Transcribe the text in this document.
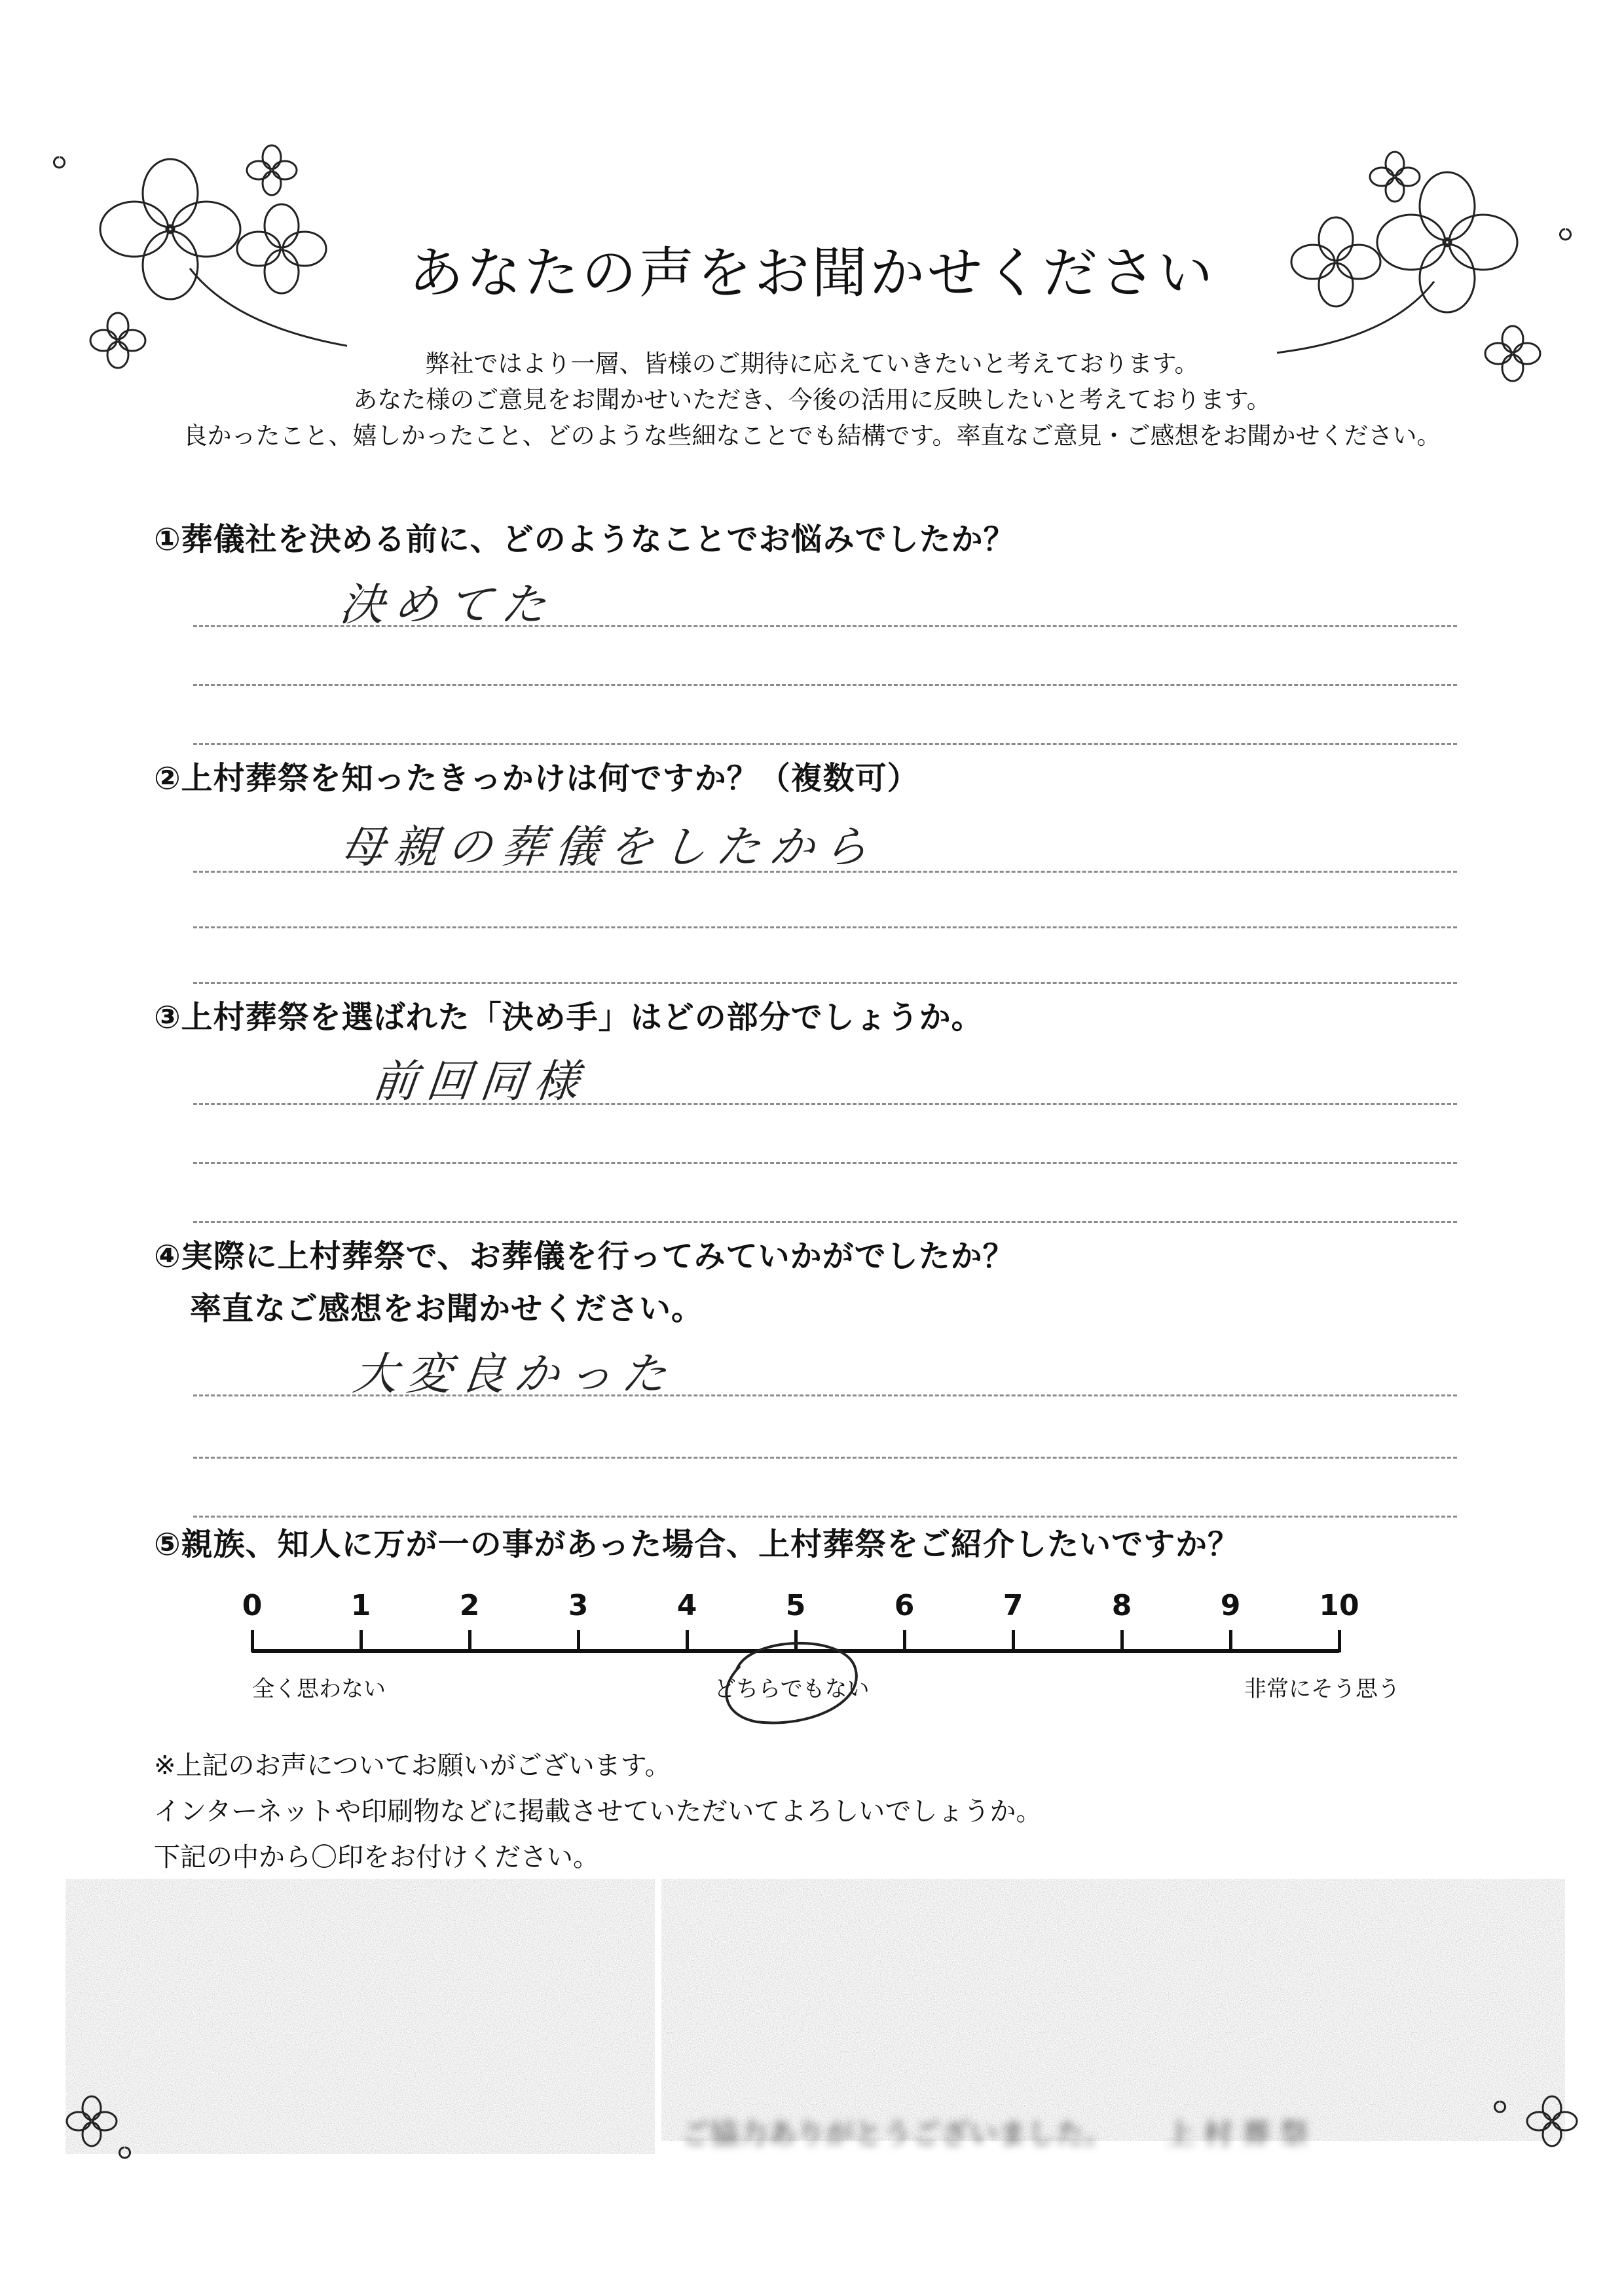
あなたの声をお聞かせください
弊社ではより一層、皆様のご期待に応えていきたいと考えております。
あなた様のご意見をお聞かせいただき、今後の活用に反映したいと考えております。
良かったこと、嬉しかったこと、どのような些細なことでも結構です。率直なご意見・ご感想をお聞かせください。
①葬儀社を決める前に、どのようなことでお悩みでしたか？
決めてた
②上村葬祭を知ったきっかけは何ですか？（複数可）
母親の葬儀をしたから
③上村葬祭を選ばれた「決め手」はどの部分でしょうか。
前回同様
④実際に上村葬祭で、お葬儀を行ってみていかがでしたか？
率直なご感想をお聞かせください。
大変良かった
⑤親族、知人に万が一の事があった場合、上村葬祭をご紹介したいですか？
0	1	2	3	4	5	6	7	8	9	10
全く思わない	どちらでもない	非常にそう思う
※上記のお声についてお願いがございます。
インターネットや印刷物などに掲載させていただいてよろしいでしょうか。
下記の中から〇印をお付けください。
ご協力ありがとうございました。 上村葬祭
